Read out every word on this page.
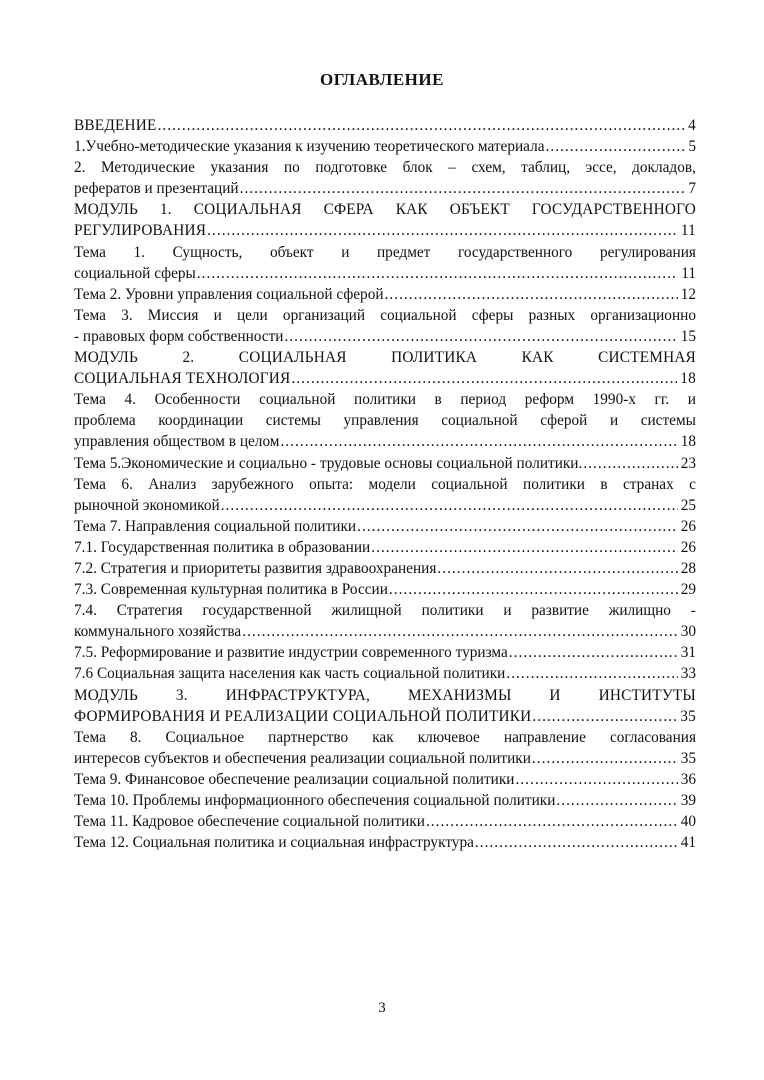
ОГЛАВЛЕНИЕ
ВВЕДЕНИЕ . . .	4
1.Учебно-методические указания к изучению теоретического материала . . .	5
2. Методические указания по подготовке блок – схем, таблиц, эссе, докладов,
рефератов и презентаций . . .	7
МОДУЛЬ 1. СОЦИАЛЬНАЯ СФЕРА КАК ОБЪЕКТ ГОСУДАРСТВЕННОГО
РЕГУЛИРОВАНИЯ . . .	11
Тема 1. Сущность, объект и предмет государственного регулирования
социальной сферы . . .	11
Тема 2. Уровни управления социальной сферой . . .	12
Тема 3. Миссия и цели организаций социальной сферы разных организационно
- правовых форм собственности . . .	15
МОДУЛЬ	2.	СОЦИАЛЬНАЯ	ПОЛИТИКА	КАК	СИСТЕМНАЯ
СОЦИАЛЬНАЯ ТЕХНОЛОГИЯ . . .	18
Тема 4. Особенности социальной политики в период реформ 1990-х гг. и
проблема координации системы управления социальной сферой и системы
управления обществом в целом . . .	18
Тема 5.Экономические и социально - трудовые основы социальной политики. . . .	23
Тема 6. Анализ зарубежного опыта: модели социальной политики в странах с
рыночной экономикой . . .	25
Тема 7. Направления социальной политики . . .	26
7.1. Государственная политика в образовании . . .	26
7.2. Стратегия и приоритеты развития здравоохранения . . .	28
7.3. Современная культурная политика в России . . .	29
7.4. Стратегия государственной жилищной политики и развитие жилищно -
коммунального хозяйства . . .	30
7.5. Реформирование и развитие индустрии современного туризма . . .	31
7.6 Социальная защита населения как часть социальной политики . . .	33
МОДУЛЬ 3. ИНФРАСТРУКТУРА, МЕХАНИЗМЫ И ИНСТИТУТЫ
ФОРМИРОВАНИЯ И РЕАЛИЗАЦИИ СОЦИАЛЬНОЙ ПОЛИТИКИ . . .	35
Тема 8. Социальное партнерство как ключевое направление согласования
интересов субъектов и обеспечения реализации социальной политики . . .	35
Тема 9. Финансовое обеспечение реализации социальной политики . . .	36
Тема 10. Проблемы информационного обеспечения социальной политики . . .	39
Тема 11. Кадровое обеспечение социальной политики . . .	40
Тема 12. Социальная политика и социальная инфраструктура . . .	41
3
